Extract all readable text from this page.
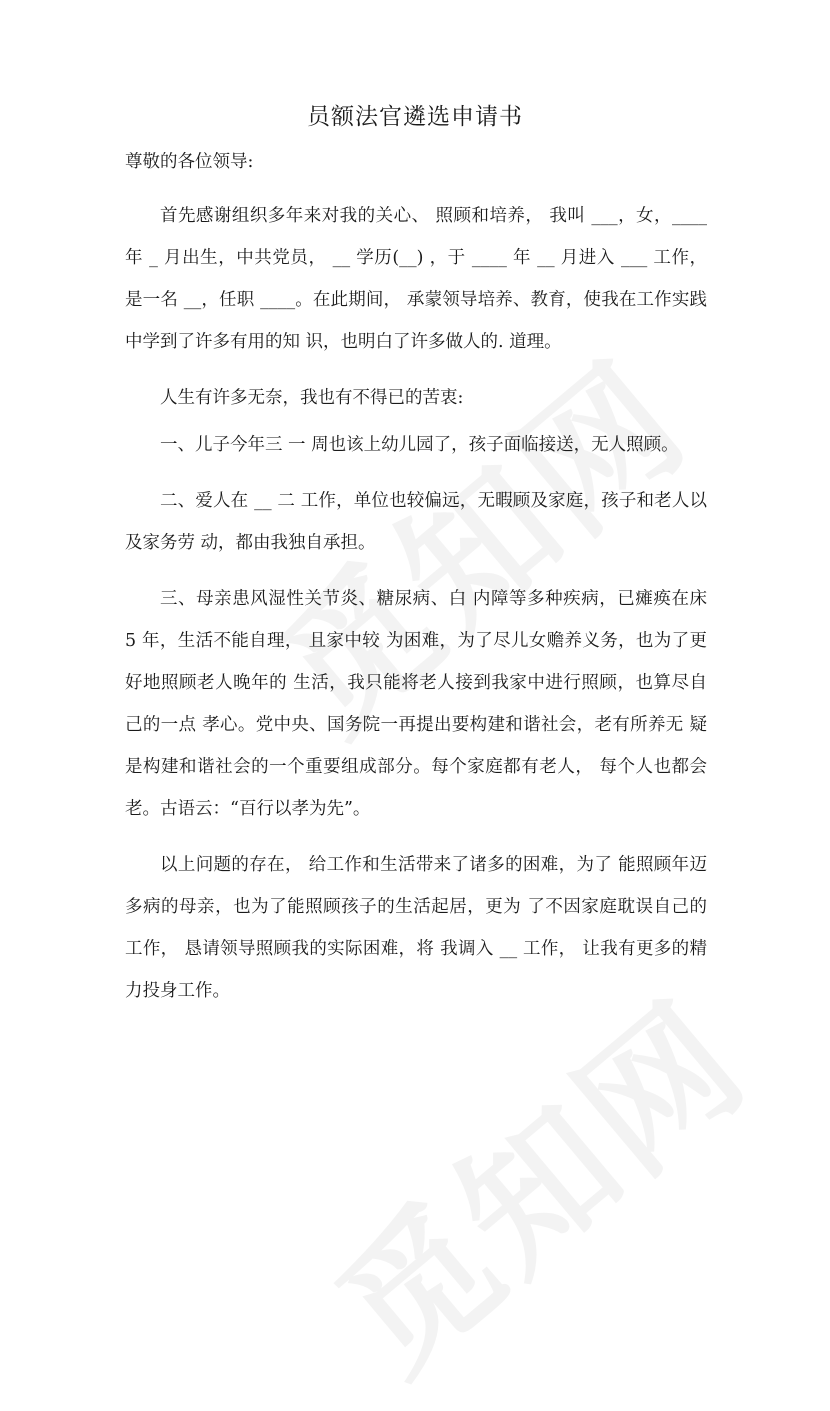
员额法官遴选申请书
尊敬的各位领导:

首先感谢组织多年来对我的关心、 照顾和培养， 我叫 ___，女，____ 年 _ 月出生，中共党员， __ 学历(__) ，于 ____ 年 __ 月进入 ___ 工作， 是一名 __，任职 ____。在此期间， 承蒙领导培养、教育，使我在工作实践中学到了许多有用的知 识，也明白了许多做人的. 道理。

人生有许多无奈，我也有不得已的苦衷:

一、儿子今年三 一 周也该上幼儿园了，孩子面临接送，无人照顾。

二、爱人在 __ 二 工作，单位也较偏远，无暇顾及家庭，孩子和老人以及家务劳 动，都由我独自承担。

三、母亲患风湿性关节炎、糖尿病、白 内障等多种疾病，已瘫痪在床 5 年，生活不能自理， 且家中较 为困难，为了尽儿女赡养义务，也为了更好地照顾老人晚年的 生活，我只能将老人接到我家中进行照顾，也算尽自己的一点 孝心。党中央、国务院一再提出要构建和谐社会，老有所养无 疑是构建和谐社会的一个重要组成部分。每个家庭都有老人， 每个人也都会老。古语云：“百行以孝为先”。

以上问题的存在， 给工作和生活带来了诸多的困难，为了 能照顾年迈多病的母亲，也为了能照顾孩子的生活起居，更为 了不因家庭耽误自己的工作， 恳请领导照顾我的实际困难，将 我调入 __ 工作， 让我有更多的精力投身工作。
